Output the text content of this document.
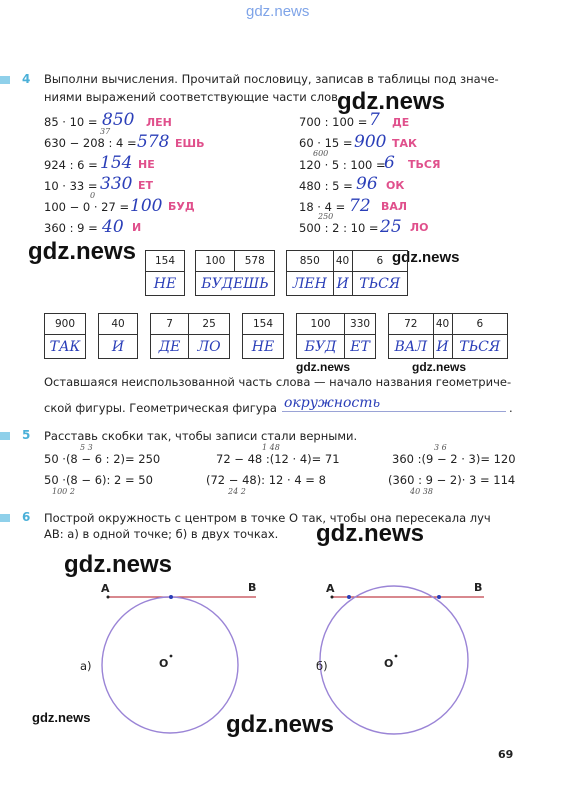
gdz.news
gdz.news
gdz.news	gdz.news
gdz.news	gdz.news
gdz.news
gdz.news
gdz.news	gdz.news
4 Выполни вычисления. Прочитай пословицу, записав в таблицы под значе-
ниями выражений соответствующие части слов.
85 · 10 = 850 ЛЕН
37
630 − 208 : 4 = 578 ЕШЬ
924 : 6 = 154 НЕ
10 · 33 = 330 ЕТ
0
100 − 0 · 27 = 100 БУД
360 : 9 = 40 И
700 : 100 = 7 ДЕ
60 · 15 = 900 ТАК
600
120 · 5 : 100 =
6 ТЬСЯ
480 : 5 = 96 ОК
18 · 4 = 72 ВАЛ
250
500 : 2 : 10 = 25 ЛО
154
НЕ
100	578
БУДЕШЬ
850	40	6
ЛЕН	И	ТЬСЯ
900
ТАК
40
И
7	25
ДЕ	ЛО
154
НЕ
100	330
БУД	ЕТ
72	40	6
ВАЛ	И	ТЬСЯ
Оставшаяся неиспользованной часть слова — начало названия геометриче-
ской фигуры. Геометрическая фигура окружность	.
5 Расставь скобки так, чтобы записи стали верными.
5 3
50 ·(8 − 6 : 2)= 250
50 ·(8 − 6): 2 = 50
100 2
1 48
72 − 48 :(12 · 4)= 71
(72 − 48): 12 · 4 = 8
24 2
3 6
360 :(9 − 2 · 3)= 120
(360 : 9 − 2)· 3 = 114
40 38
6 Построй окружность с центром в точке О так, чтобы она пересекала луч
АВ: а) в одной точке; б) в двух точках.
А	В
О
а)
А	В
О
б)
69
